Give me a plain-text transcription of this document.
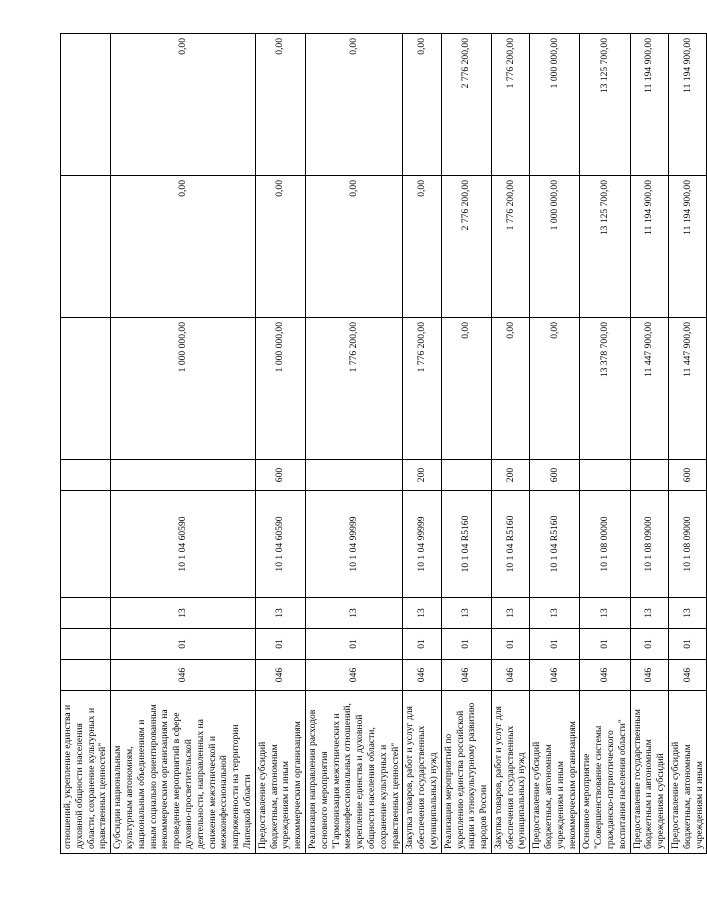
отношений, укрепление единства и духовной общности населения области, сохранение культурных и нравственных ценностей"								
Субсидии национальным культурным автономиям, национальным объединениям и иным социально ориентированным некоммерческим организациям на проведение мероприятий в сфере духовно-просветительской деятельности, направленных на снижение межэтнической и межконфессиональной напряженности на территории Липецкой области	046	01	13	10 1 04 60590		1 000 000,00	0,00	0,00
Предоставление субсидий бюджетным, автономным учреждениям и иным некоммерческим организациям	046	01	13	10 1 04 60590	600	1 000 000,00	0,00	0,00
Реализация направления расходов основного мероприятия "Гармонизация межэтнических и межконфессиональных отношений, укрепление единства и духовной общности населения области, сохранение культурных и нравственных ценностей"	046	01	13	10 1 04 99999		1 776 200,00	0,00	0,00
Закупка товаров, работ и услуг для обеспечения государственных (муниципальных) нужд	046	01	13	10 1 04 99999	200	1 776 200,00	0,00	0,00
Реализация мероприятий по укреплению единства российской нации и этнокультурному развитию народов России	046	01	13	10 1 04 R5160		0,00	2 776 200,00	2 776 200,00
Закупка товаров, работ и услуг для обеспечения государственных (муниципальных) нужд	046	01	13	10 1 04 R5160	200	0,00	1 776 200,00	1 776 200,00
Предоставление субсидий бюджетным, автономным учреждениям и иным некоммерческим организациям	046	01	13	10 1 04 R5160	600	0,00	1 000 000,00	1 000 000,00
Основное мероприятие "Совершенствование системы гражданско-патриотического воспитания населения области"	046	01	13	10 1 08 00000		13 378 700,00	13 125 700,00	13 125 700,00
Предоставление государственным бюджетным и автономным учреждениям субсидий	046	01	13	10 1 08 09000		11 447 900,00	11 194 900,00	11 194 900,00
Предоставление субсидий бюджетным, автономным учреждениям и иным	046	01	13	10 1 08 09000	600	11 447 900,00	11 194 900,00	11 194 900,00
